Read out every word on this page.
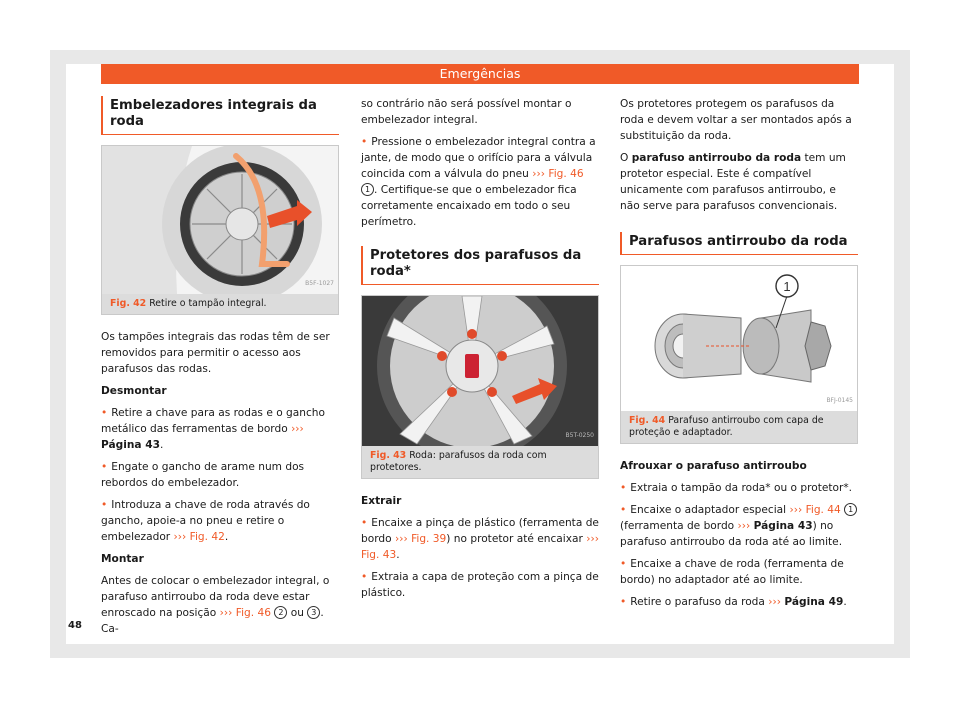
Emergências
Embelezadores integrais da roda
B5F-1027
Fig. 42 Retire o tampão integral.

Os tampões integrais das rodas têm de ser removidos para permitir o acesso aos parafusos das rodas.

Desmontar

• Retire a chave para as rodas e o gancho metálico das ferramentas de bordo ››› Página 43.

• Engate o gancho de arame num dos rebordos do embelezador.

• Introduza a chave de roda através do gancho, apoie-a no pneu e retire o embelezador ››› Fig. 42.

Montar

Antes de colocar o embelezador integral, o parafuso antirroubo da roda deve estar enroscado na posição ››› Fig. 46 2 ou 3 . Ca-

so contrário não será possível montar o embelezador integral.

• Pressione o embelezador integral contra a jante, de modo que o orifício para a válvula coincida com a válvula do pneu ››› Fig. 46 1 . Certifique-se que o embelezador fica corretamente encaixado em todo o seu perímetro.

Protetores dos parafusos da roda*
B5T-0250
Fig. 43 Roda: parafusos da roda com protetores.

Extrair

• Encaixe a pinça de plástico (ferramenta de bordo ››› Fig. 39) no protetor até encaixar ››› Fig. 43.

• Extraia a capa de proteção com a pinça de plástico.

Os protetores protegem os parafusos da roda e devem voltar a ser montados após a substituição da roda.

O parafuso antirroubo da roda tem um protetor especial. Este é compatível unicamente com parafusos antirroubo, e não serve para parafusos convencionais.

Parafusos antirroubo da roda
1
BFJ-0145
Fig. 44 Parafuso antirroubo com capa de proteção e adaptador.

Afrouxar o parafuso antirroubo

• Extraia o tampão da roda* ou o protetor*.

• Encaixe o adaptador especial ››› Fig. 44 1 (ferramenta de bordo ››› Página 43) no parafuso antirroubo da roda até ao limite.

• Encaixe a chave de roda (ferramenta de bordo) no adaptador até ao limite.

• Retire o parafuso da roda ››› Página 49.

48
